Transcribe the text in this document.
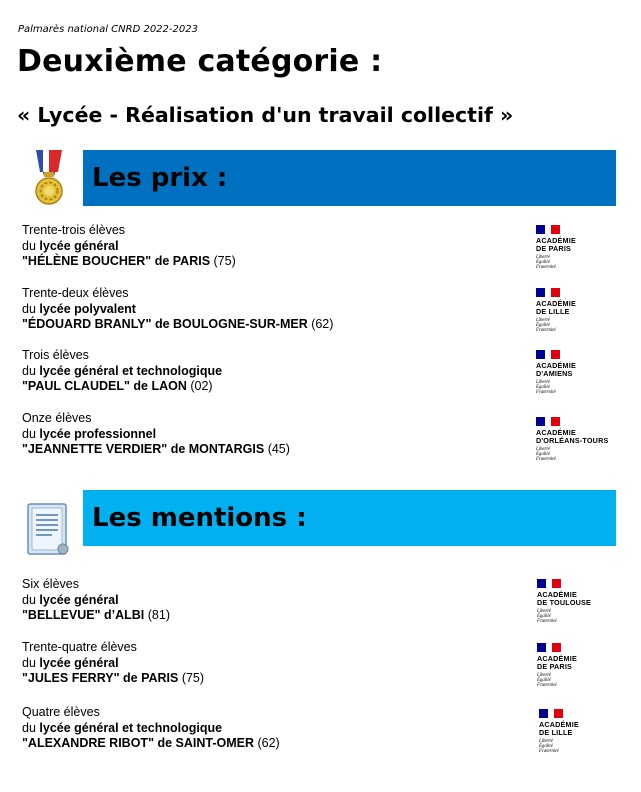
Palmarès national CNRD 2022-2023
Deuxième catégorie :
« Lycée - Réalisation d'un travail collectif »
Les prix :
Trente-trois élèves
du lycée général
"HÉLÈNE BOUCHER" de PARIS (75)
Trente-deux élèves
du lycée polyvalent
"ÉDOUARD BRANLY" de BOULOGNE-SUR-MER (62)
Trois élèves
du lycée général et technologique
"PAUL CLAUDEL" de LAON (02)
Onze élèves
du lycée professionnel
"JEANNETTE VERDIER" de MONTARGIS (45)
ACADÉMIE
DE PARIS
Liberté
Égalité
Fraternité
ACADÉMIE
DE LILLE
Liberté
Égalité
Fraternité
ACADÉMIE
D'AMIENS
Liberté
Égalité
Fraternité
ACADÉMIE
D'ORLÉANS-TOURS
Liberté
Égalité
Fraternité
Les mentions :
Six élèves
du lycée général
"BELLEVUE" d’ALBI (81)
Trente-quatre élèves
du lycée général
"JULES FERRY" de PARIS (75)
Quatre élèves
du lycée général et technologique
"ALEXANDRE RIBOT" de SAINT-OMER (62)
ACADÉMIE
DE TOULOUSE
Liberté
Égalité
Fraternité
ACADÉMIE
DE PARIS
Liberté
Égalité
Fraternité
ACADÉMIE
DE LILLE
Liberté
Égalité
Fraternité
